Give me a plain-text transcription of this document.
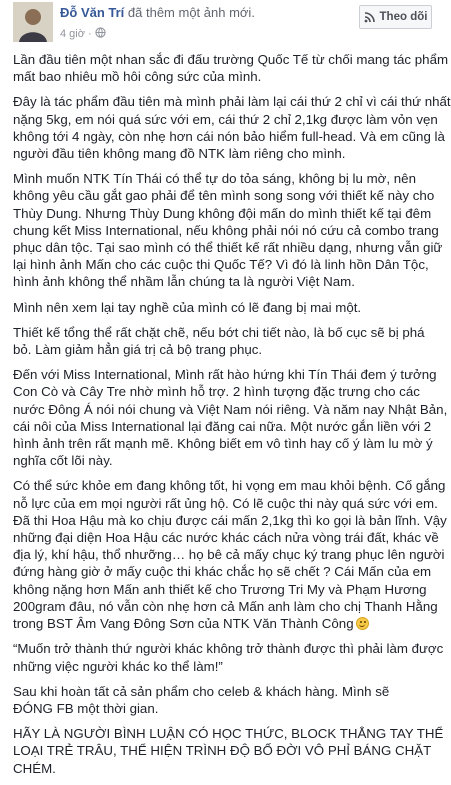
Đỗ Văn Trí đã thêm một ảnh mới.
4 giờ ·
Theo dõi
Lần đầu tiên một nhan sắc đi đấu trường Quốc Tế từ chối mang tác phẩm
mất bao nhiêu mồ hôi công sức của mình.
Đây là tác phẩm đầu tiên mà mình phải làm lại cái thứ 2 chỉ vì cái thứ nhất
nặng 5kg, em nói quá sức với em, cái thứ 2 chỉ 2,1kg được làm vỏn vẹn
không tới 4 ngày, còn nhẹ hơn cái nón bảo hiểm full-head. Và em cũng là
người đầu tiên không mang đồ NTK làm riêng cho mình.
Mình muốn NTK Tín Thái có thể tự do tỏa sáng, không bị lu mờ, nên
không yêu cầu gắt gao phải để tên mình song song với thiết kế này cho
Thùy Dung. Nhưng Thùy Dung không đội mấn do mình thiết kế tại đêm
chung kết Miss International, nếu không phải nói nó cứu cả combo trang
phục dân tộc. Tại sao mình có thể thiết kế rất nhiều dạng, nhưng vẫn giữ
lại hình ảnh Mấn cho các cuộc thi Quốc Tế? Vì đó là linh hồn Dân Tộc,
hình ảnh không thể nhầm lẫn chúng ta là người Việt Nam.
Mình nên xem lại tay nghề của mình có lẽ đang bị mai một.
Thiết kế tổng thể rất chặt chẽ, nếu bớt chi tiết nào, là bố cục sẽ bị phá
bỏ. Làm giảm hẳn giá trị cả bộ trang phục.
Đến với Miss International, Mình rất hào hứng khi Tín Thái đem ý tưởng
Con Cò và Cây Tre nhờ mình hỗ trợ. 2 hình tượng đặc trưng cho các
nước Đông Á nói nói chung và Việt Nam nói riêng. Và năm nay Nhật Bản,
cái nôi của Miss International lại đăng cai nữa. Một nước gắn liền với 2
hình ảnh trên rất mạnh mẽ. Không biết em vô tình hay cố ý làm lu mờ ý
nghĩa cốt lõi này.
Có thể sức khỏe em đang không tốt, hi vọng em mau khỏi bệnh. Cố gắng
nỗ lực của em mọi người rất ủng hộ. Có lẽ cuộc thi này quá sức với em.
Đã thi Hoa Hậu mà ko chịu được cái mấn 2,1kg thì ko gọi là bản lĩnh. Vậy
những đại diện Hoa Hậu các nước khác cách nửa vòng trái đất, khác về
địa lý, khí hậu, thổ nhưỡng… họ bê cả mấy chục ký trang phục lên người
đứng hàng giờ ở mấy cuộc thi khác chắc họ sẽ chết ? Cái Mấn của em
không nặng hơn Mấn anh thiết kế cho Trương Tri My và Phạm Hương
200gram đâu, nó vẫn còn nhẹ hơn cả Mấn anh làm cho chị Thanh Hằng
trong BST Âm Vang Đông Sơn của NTK Văn Thành Công
“Muốn trở thành thứ người khác không trở thành được thì phải làm được
những việc người khác ko thể làm!”
Sau khi hoàn tất cả sản phẩm cho celeb & khách hàng. Mình sẽ
ĐÓNG FB một thời gian.
HÃY LÀ NGƯỜI BÌNH LUẬN CÓ HỌC THỨC, BLOCK THẲNG TAY THỂ
LOẠI TRẺ TRÂU, THỂ HIỆN TRÌNH ĐỘ BỐ ĐỜI VÔ PHỈ BÁNG CHẶT
CHÉM.
